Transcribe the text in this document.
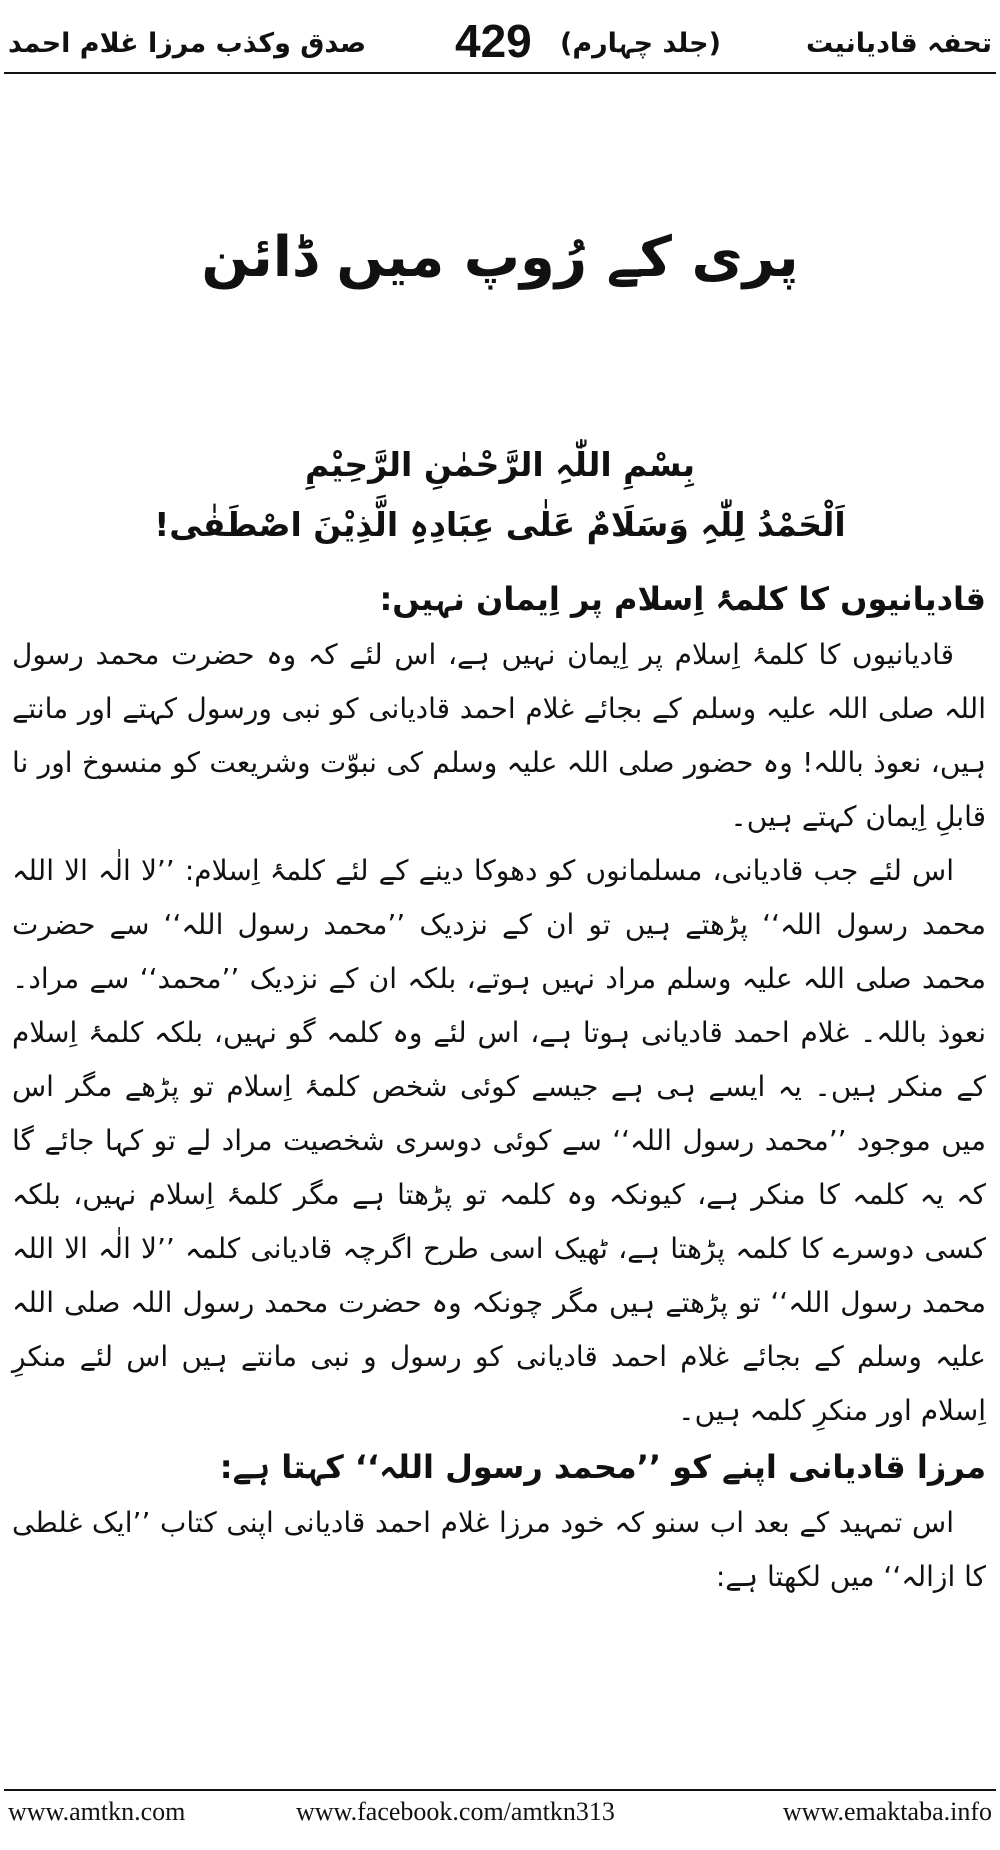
تحفہ قادیانیت
(جلد چہارم)
429
صدق وکذب مرزا غلام احمد
پری کے رُوپ میں ڈائن
بِسْمِ اللّٰہِ الرَّحْمٰنِ الرَّحِیْمِ
اَلْحَمْدُ لِلّٰہِ وَسَلَامٌ عَلٰی عِبَادِہِ الَّذِیْنَ اصْطَفٰی!
قادیانیوں کا کلمۂ اِسلام پر اِیمان نہیں:

قادیانیوں کا کلمۂ اِسلام پر اِیمان نہیں ہے، اس لئے کہ وہ حضرت محمد رسول اللہ صلی اللہ علیہ وسلم کے بجائے غلام احمد قادیانی کو نبی ورسول کہتے اور مانتے ہیں، نعوذ باللہ! وہ حضور صلی اللہ علیہ وسلم کی نبوّت وشریعت کو منسوخ اور نا قابلِ اِیمان کہتے ہیں۔

اس لئے جب قادیانی، مسلمانوں کو دھوکا دینے کے لئے کلمۂ اِسلام: ’’لا الٰہ الا اللہ محمد رسول اللہ‘‘ پڑھتے ہیں تو ان کے نزدیک ’’محمد رسول اللہ‘‘ سے حضرت محمد صلی اللہ علیہ وسلم مراد نہیں ہوتے، بلکہ ان کے نزدیک ’’محمد‘‘ سے مراد۔ نعوذ باللہ۔ غلام احمد قادیانی ہوتا ہے، اس لئے وہ کلمہ گو نہیں، بلکہ کلمۂ اِسلام کے منکر ہیں۔ یہ ایسے ہی ہے جیسے کوئی شخص کلمۂ اِسلام تو پڑھے مگر اس میں موجود ’’محمد رسول اللہ‘‘ سے کوئی دوسری شخصیت مراد لے تو کہا جائے گا کہ یہ کلمہ کا منکر ہے، کیونکہ وہ کلمہ تو پڑھتا ہے مگر کلمۂ اِسلام نہیں، بلکہ کسی دوسرے کا کلمہ پڑھتا ہے، ٹھیک اسی طرح اگرچہ قادیانی کلمہ ’’لا الٰہ الا اللہ محمد رسول اللہ‘‘ تو پڑھتے ہیں مگر چونکہ وہ حضرت محمد رسول اللہ صلی اللہ علیہ وسلم کے بجائے غلام احمد قادیانی کو رسول و نبی مانتے ہیں اس لئے منکرِ اِسلام اور منکرِ کلمہ ہیں۔

مرزا قادیانی اپنے کو ’’محمد رسول اللہ‘‘ کہتا ہے:

اس تمہید کے بعد اب سنو کہ خود مرزا غلام احمد قادیانی اپنی کتاب ’’ایک غلطی کا ازالہ‘‘ میں لکھتا ہے:

www.amtkn.com	www.facebook.com/amtkn313	www.emaktaba.info
